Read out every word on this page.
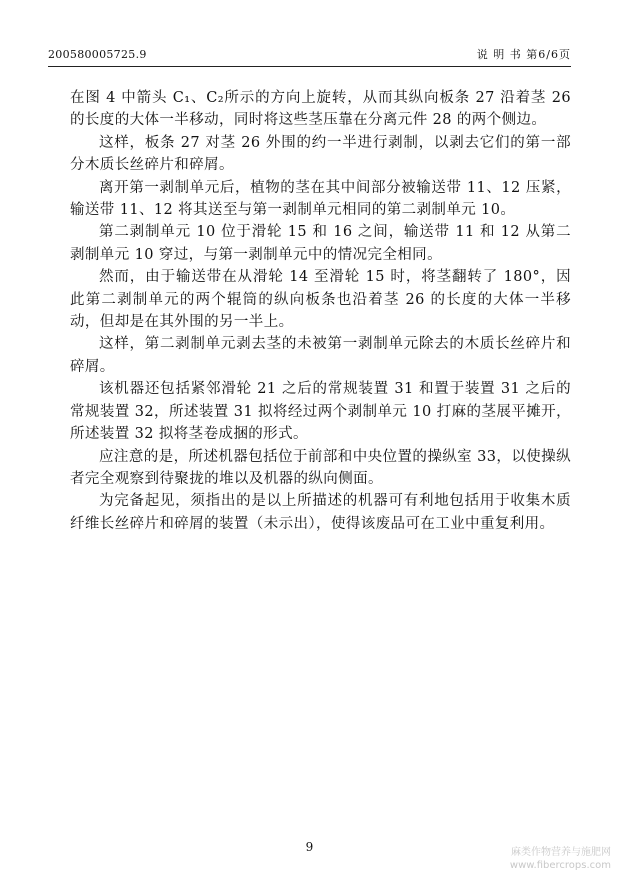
200580005725.9	说 明 书 第6/6页

在图 4 中箭头 C₁、C₂所示的方向上旋转，从而其纵向板条 27 沿着茎 26 的长度的大体一半移动，同时将这些茎压靠在分离元件 28 的两个侧边。

这样，板条 27 对茎 26 外围的约一半进行剥制，以剥去它们的第一部分木质长丝碎片和碎屑。

离开第一剥制单元后，植物的茎在其中间部分被输送带 11、12 压紧，输送带 11、12 将其送至与第一剥制单元相同的第二剥制单元 10。

第二剥制单元 10 位于滑轮 15 和 16 之间，输送带 11 和 12 从第二剥制单元 10 穿过，与第一剥制单元中的情况完全相同。

然而，由于输送带在从滑轮 14 至滑轮 15 时，将茎翻转了 180°，因此第二剥制单元的两个辊筒的纵向板条也沿着茎 26 的长度的大体一半移动，但却是在其外围的另一半上。

这样，第二剥制单元剥去茎的未被第一剥制单元除去的木质长丝碎片和碎屑。

该机器还包括紧邻滑轮 21 之后的常规装置 31 和置于装置 31 之后的常规装置 32，所述装置 31 拟将经过两个剥制单元 10 打麻的茎展平摊开，所述装置 32 拟将茎卷成捆的形式。

应注意的是，所述机器包括位于前部和中央位置的操纵室 33，以使操纵者完全观察到待聚拢的堆以及机器的纵向侧面。

为完备起见，须指出的是以上所描述的机器可有利地包括用于收集木质纤维长丝碎片和碎屑的装置（未示出），使得该废品可在工业中重复利用。

9	麻类作物营养与施肥网
www.fibercrops.com
